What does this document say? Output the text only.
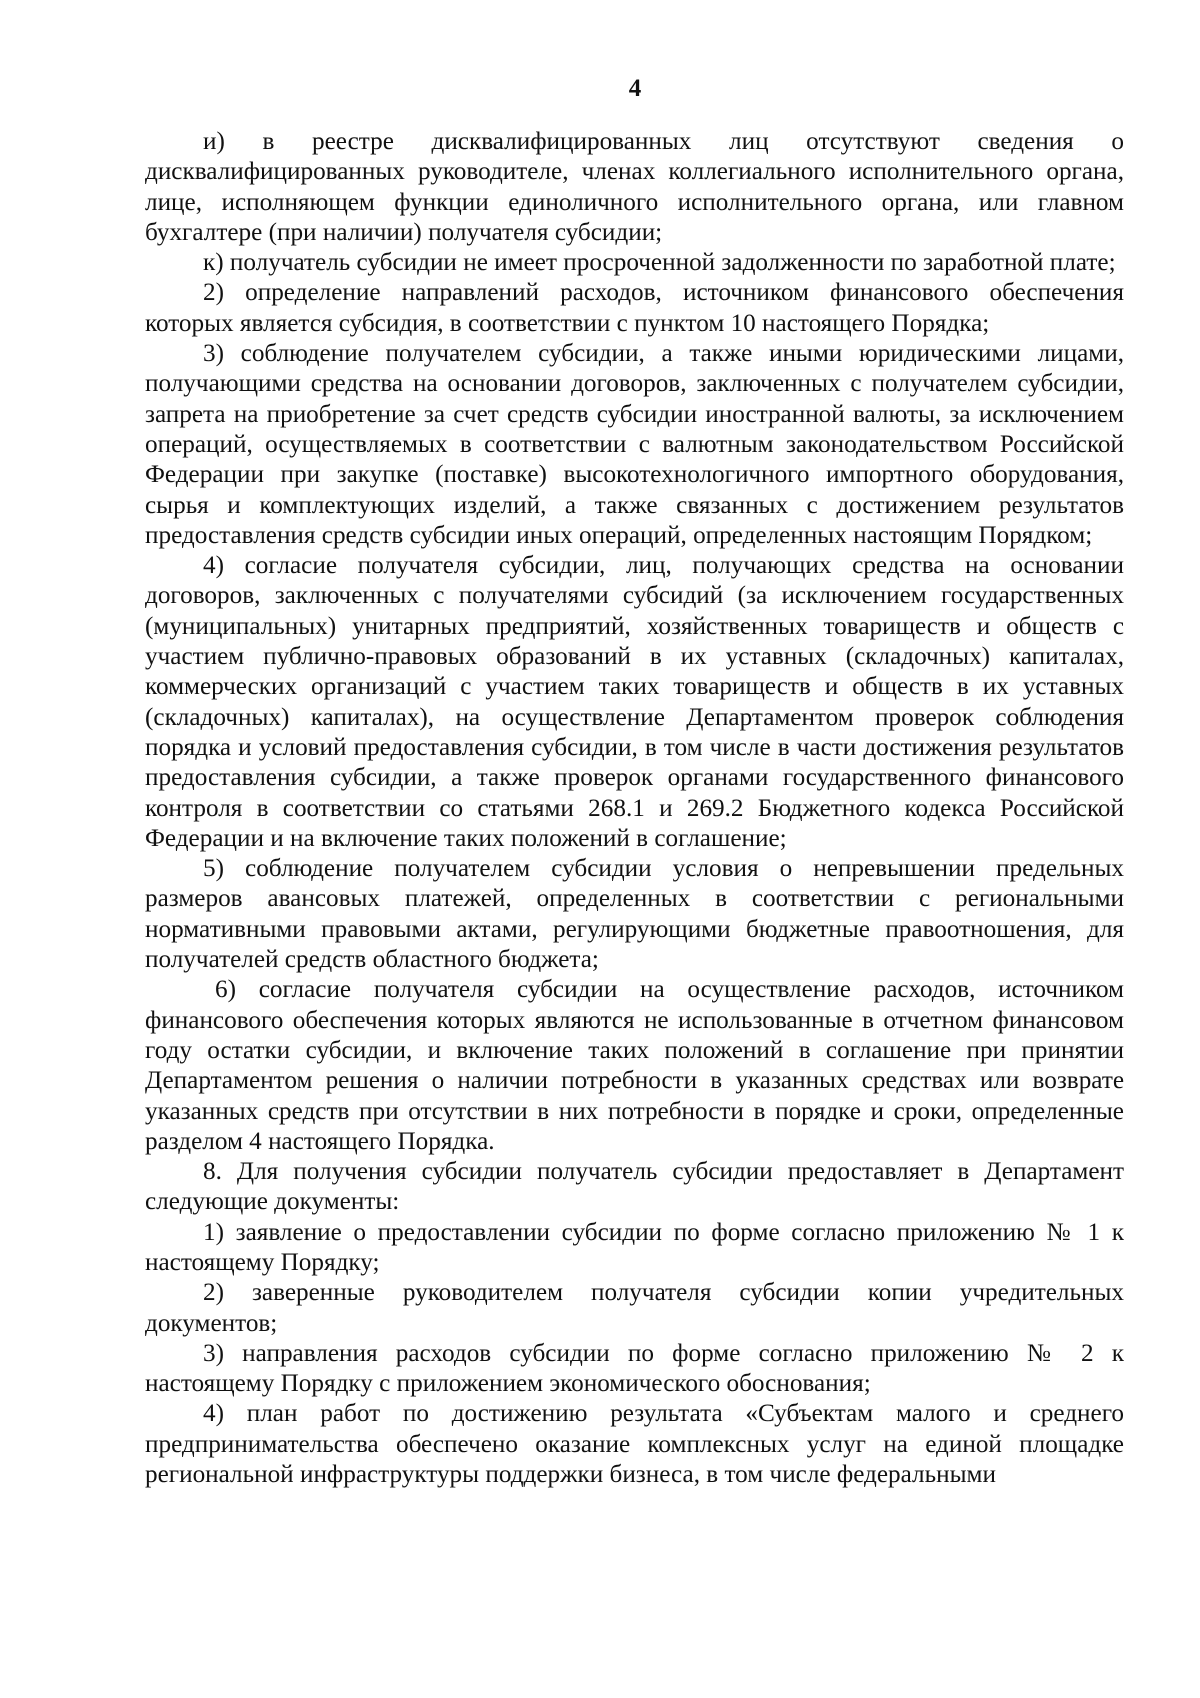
4

и) в реестре дисквалифицированных лиц отсутствуют сведения о дисквалифицированных руководителе, членах коллегиального исполнительного органа, лице, исполняющем функции единоличного исполнительного органа, или главном бухгалтере (при наличии) получателя субсидии;

к) получатель субсидии не имеет просроченной задолженности по заработной плате;

2) определение направлений расходов, источником финансового обеспечения которых является субсидия, в соответствии с пунктом 10 настоящего Порядка;

3) соблюдение получателем субсидии, а также иными юридическими лицами, получающими средства на основании договоров, заключенных с получателем субсидии, запрета на приобретение за счет средств субсидии иностранной валюты, за исключением операций, осуществляемых в соответствии с валютным законодательством Российской Федерации при закупке (поставке) высокотехнологичного импортного оборудования, сырья и комплектующих изделий, а также связанных с достижением результатов предоставления средств субсидии иных операций, определенных настоящим Порядком;

4) согласие получателя субсидии, лиц, получающих средства на основании договоров, заключенных с получателями субсидий (за исключением государственных (муниципальных) унитарных предприятий, хозяйственных товариществ и обществ с участием публично-правовых образований в их уставных (складочных) капиталах, коммерческих организаций с участием таких товариществ и обществ в их уставных (складочных) капиталах), на осуществление Департаментом проверок соблюдения порядка и условий предоставления субсидии, в том числе в части достижения результатов предоставления субсидии, а также проверок органами государственного финансового контроля в соответствии со статьями 268.1 и 269.2 Бюджетного кодекса Российской Федерации и на включение таких положений в соглашение;

5) соблюдение получателем субсидии условия о непревышении предельных размеров авансовых платежей, определенных в соответствии с региональными нормативными правовыми актами, регулирующими бюджетные правоотношения, для получателей средств областного бюджета;

6) согласие получателя субсидии на осуществление расходов, источником финансового обеспечения которых являются не использованные в отчетном финансовом году остатки субсидии, и включение таких положений в соглашение при принятии Департаментом решения о наличии потребности в указанных средствах или возврате указанных средств при отсутствии в них потребности в порядке и сроки, определенные разделом 4 настоящего Порядка.

8. Для получения субсидии получатель субсидии предоставляет в Департамент следующие документы:

1) заявление о предоставлении субсидии по форме согласно приложению № 1 к настоящему Порядку;

2) заверенные руководителем получателя субсидии копии учредительных документов;

3) направления расходов субсидии по форме согласно приложению № 2 к настоящему Порядку с приложением экономического обоснования;

4) план работ по достижению результата «Субъектам малого и среднего предпринимательства обеспечено оказание комплексных услуг на единой площадке региональной инфраструктуры поддержки бизнеса, в том числе федеральными
